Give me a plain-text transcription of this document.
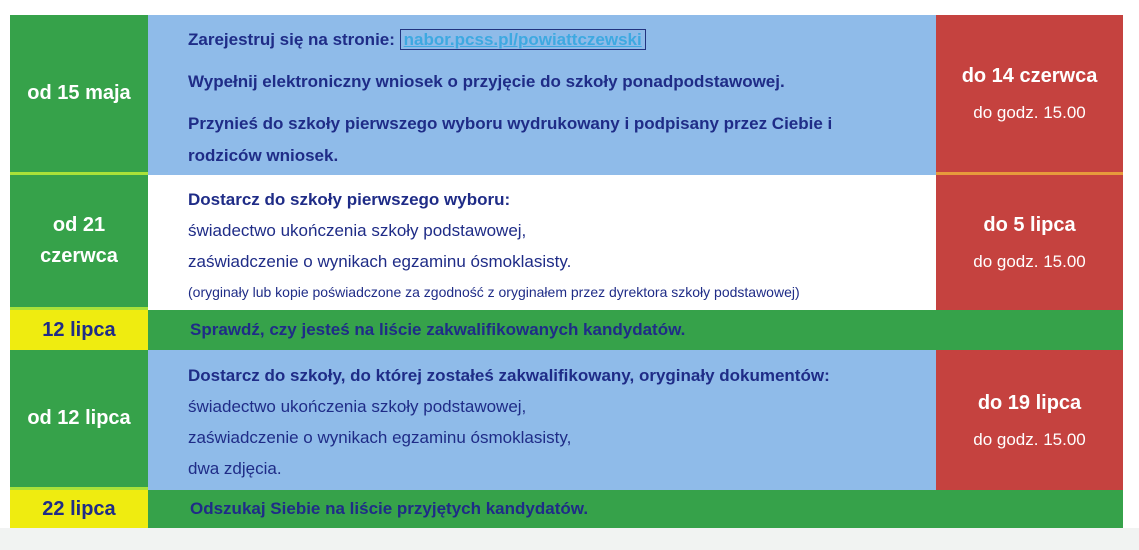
od 15 maja

Zarejestruj się na stronie: nabor.pcss.pl/powiattczewski

Wypełnij elektroniczny wniosek o przyjęcie do szkoły ponadpodstawowej.

Przynieś do szkoły pierwszego wyboru wydrukowany i podpisany przez Ciebie i rodziców wniosek.

do 14 czerwca
do godz. 15.00
od 21
czerwca

Dostarcz do szkoły pierwszego wyboru:

świadectwo ukończenia szkoły podstawowej,

zaświadczenie o wynikach egzaminu ósmoklasisty.

(oryginały lub kopie poświadczone za zgodność z oryginałem przez dyrektora szkoły podstawowej)

do 5 lipca
do godz. 15.00
12 lipca	Sprawdź, czy jesteś na liście zakwalifikowanych kandydatów.
od 12 lipca

Dostarcz do szkoły, do której zostałeś zakwalifikowany, oryginały dokumentów:

świadectwo ukończenia szkoły podstawowej,

zaświadczenie o wynikach egzaminu ósmoklasisty,

dwa zdjęcia.

do 19 lipca
do godz. 15.00
22 lipca	Odszukaj Siebie na liście przyjętych kandydatów.
